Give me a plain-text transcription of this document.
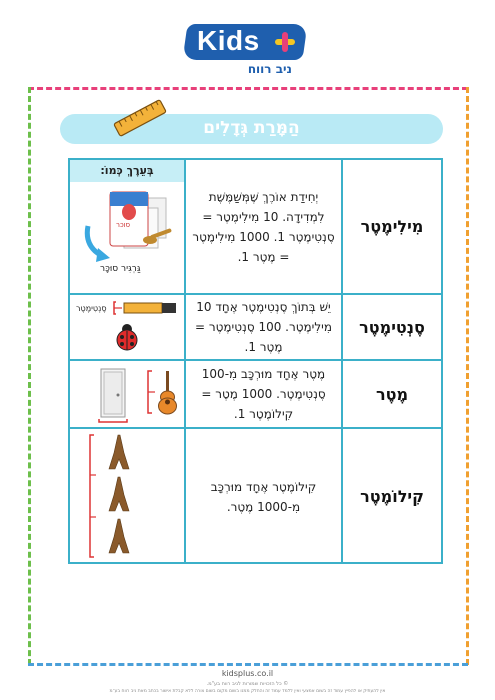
Kids
ניב רווח
הַמָּרַת גְּדָלִים
בְּעֵרֶךְ כְּמוֹ:
סוכר
גַּרְגִּיר סוּכָּר
יְחִידַת אוֹרֶךְ שֶׁמְּשַׁמֶּשֶׁת לִמְדִידָה. 10 מִילִימֶטֶר = סֶנְטִימֶטֶר 1. 1000 מִילִימֶטֶר = מֶטֶר 1.
מִילִימֶטֶר
סֶנְטִימֶטֶר	יֵשׁ בְּתוֹךְ סֶנְטִימֶטֶר אֶחָד 10 מִילִימֶטֶר. 100 סֶנְטִימֶטֶר = מֶטֶר 1.
סֶנְטִימֶטֶר
מֶטֶר אֶחָד מוּרְכָּב מִ-100 סֶנְטִימֶטֶר. 1000 מֶטֶר = קִילוֹמֶטֶר 1.
מֶטֶר
קִילוֹמֶטֶר אֶחָד מוּרְכָּב מִ-1000 מֶטֶר.
קִילוֹמֶטֶר
kidsplus.co.il
© כל הזכויות שמורות לניב רווח בע"מ.
אין להעתיק או להפיץ עמוד זה בשום אמצעי ואין ללמד עמוד זה והחלק ממנו בשום מקום בשום צורה ללא קבלת אישור בכתב מאת ניב רווח בע"מ
